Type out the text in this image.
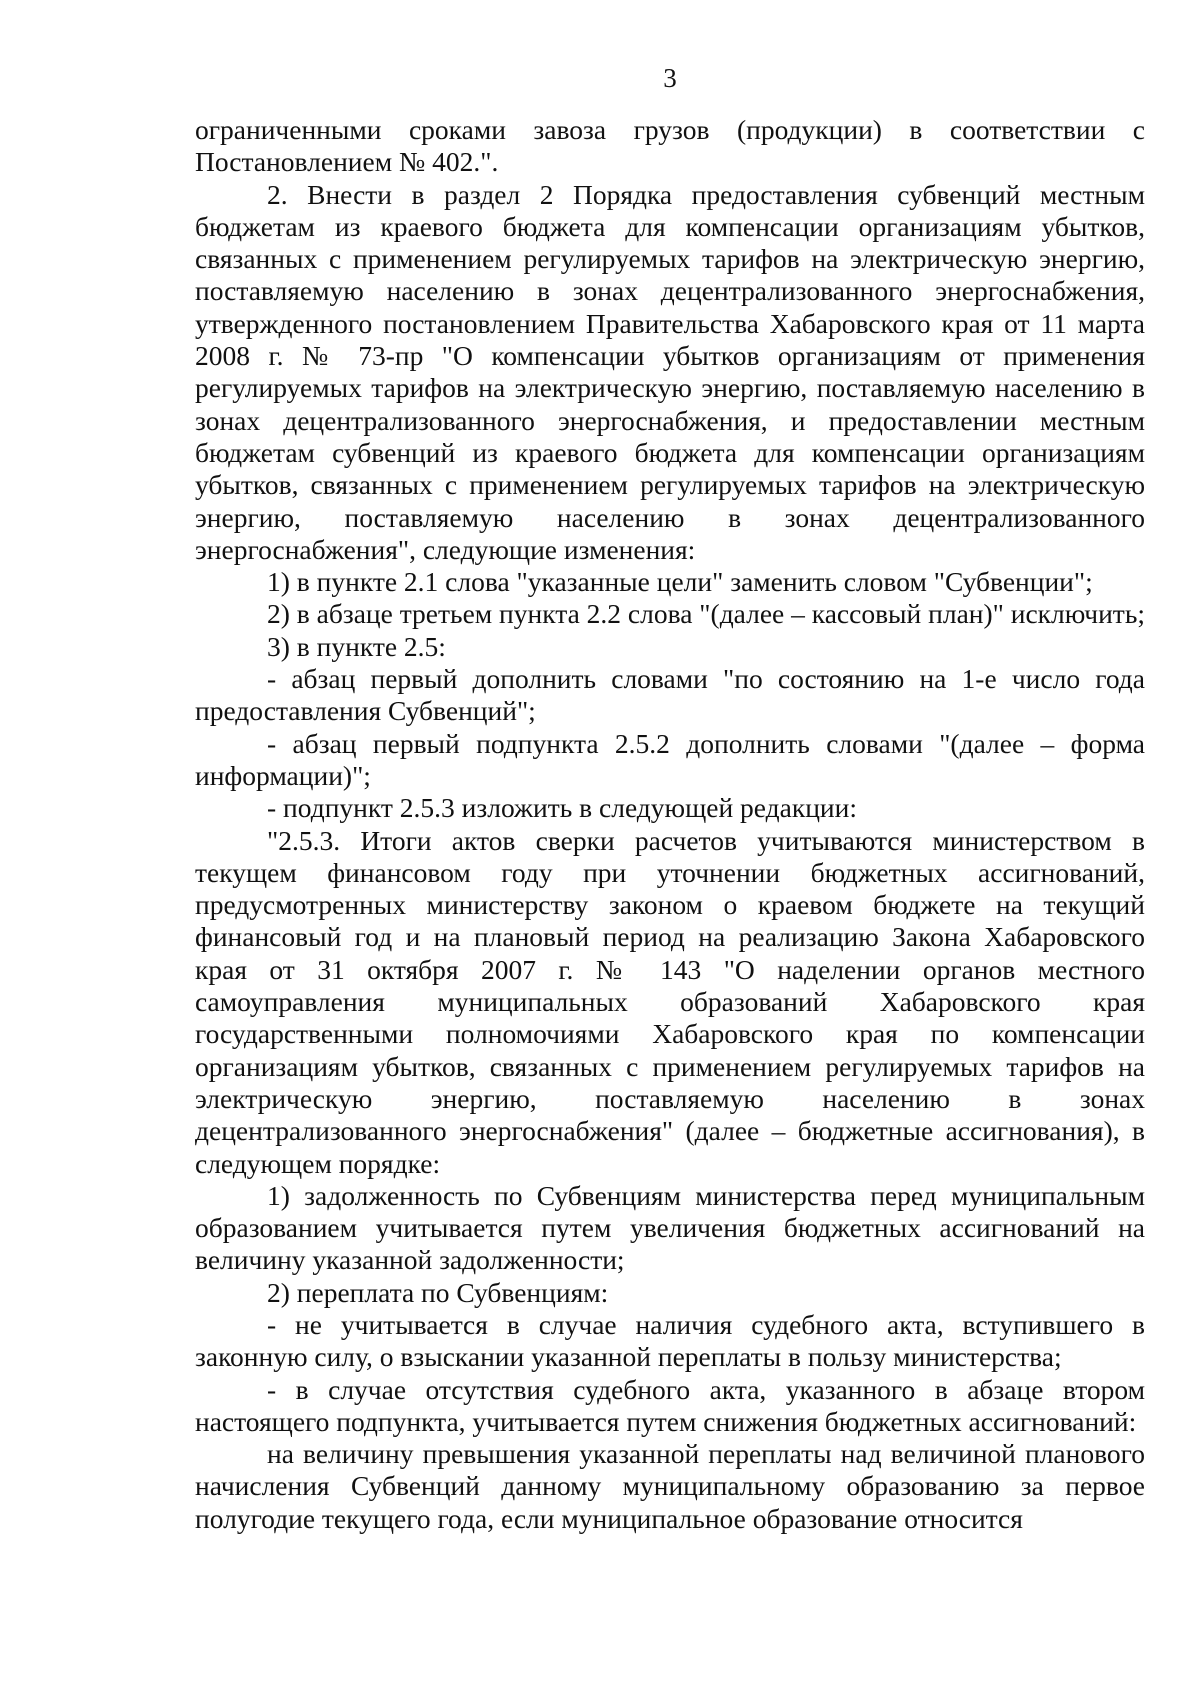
3

ограниченными сроками завоза грузов (продукции) в соответствии с Постановлением № 402.".

2. Внести в раздел 2 Порядка предоставления субвенций местным бюджетам из краевого бюджета для компенсации организациям убытков, связанных с применением регулируемых тарифов на электрическую энергию, поставляемую населению в зонах децентрализованного энергоснабжения, утвержденного постановлением Правительства Хабаровского края от 11 марта 2008 г. № 73-пр "О компенсации убытков организациям от применения регулируемых тарифов на электрическую энергию, поставляемую населению в зонах децентрализованного энергоснабжения, и предоставлении местным бюджетам субвенций из краевого бюджета для компенсации организациям убытков, связанных с применением регулируемых тарифов на электрическую энергию, поставляемую населению в зонах децентрализованного энергоснабжения", следующие изменения:

1) в пункте 2.1 слова "указанные цели" заменить словом "Субвенции";

2) в абзаце третьем пункта 2.2 слова "(далее – кассовый план)" исключить;

3) в пункте 2.5:

- абзац первый дополнить словами "по состоянию на 1-е число года предоставления Субвенций";

- абзац первый подпункта 2.5.2 дополнить словами "(далее – форма информации)";

- подпункт 2.5.3 изложить в следующей редакции:

"2.5.3. Итоги актов сверки расчетов учитываются министерством в текущем финансовом году при уточнении бюджетных ассигнований, предусмотренных министерству законом о краевом бюджете на текущий финансовый год и на плановый период на реализацию Закона Хабаровского края от 31 октября 2007 г. № 143 "О наделении органов местного самоуправления муниципальных образований Хабаровского края государственными полномочиями Хабаровского края по компенсации организациям убытков, связанных с применением регулируемых тарифов на электрическую энергию, поставляемую населению в зонах децентрализованного энергоснабжения" (далее – бюджетные ассигнования), в следующем порядке:

1) задолженность по Субвенциям министерства перед муниципальным образованием учитывается путем увеличения бюджетных ассигнований на величину указанной задолженности;

2) переплата по Субвенциям:

- не учитывается в случае наличия судебного акта, вступившего в законную силу, о взыскании указанной переплаты в пользу министерства;

- в случае отсутствия судебного акта, указанного в абзаце втором настоящего подпункта, учитывается путем снижения бюджетных ассигнований:

на величину превышения указанной переплаты над величиной планового начисления Субвенций данному муниципальному образованию за первое полугодие текущего года, если муниципальное образование относится
